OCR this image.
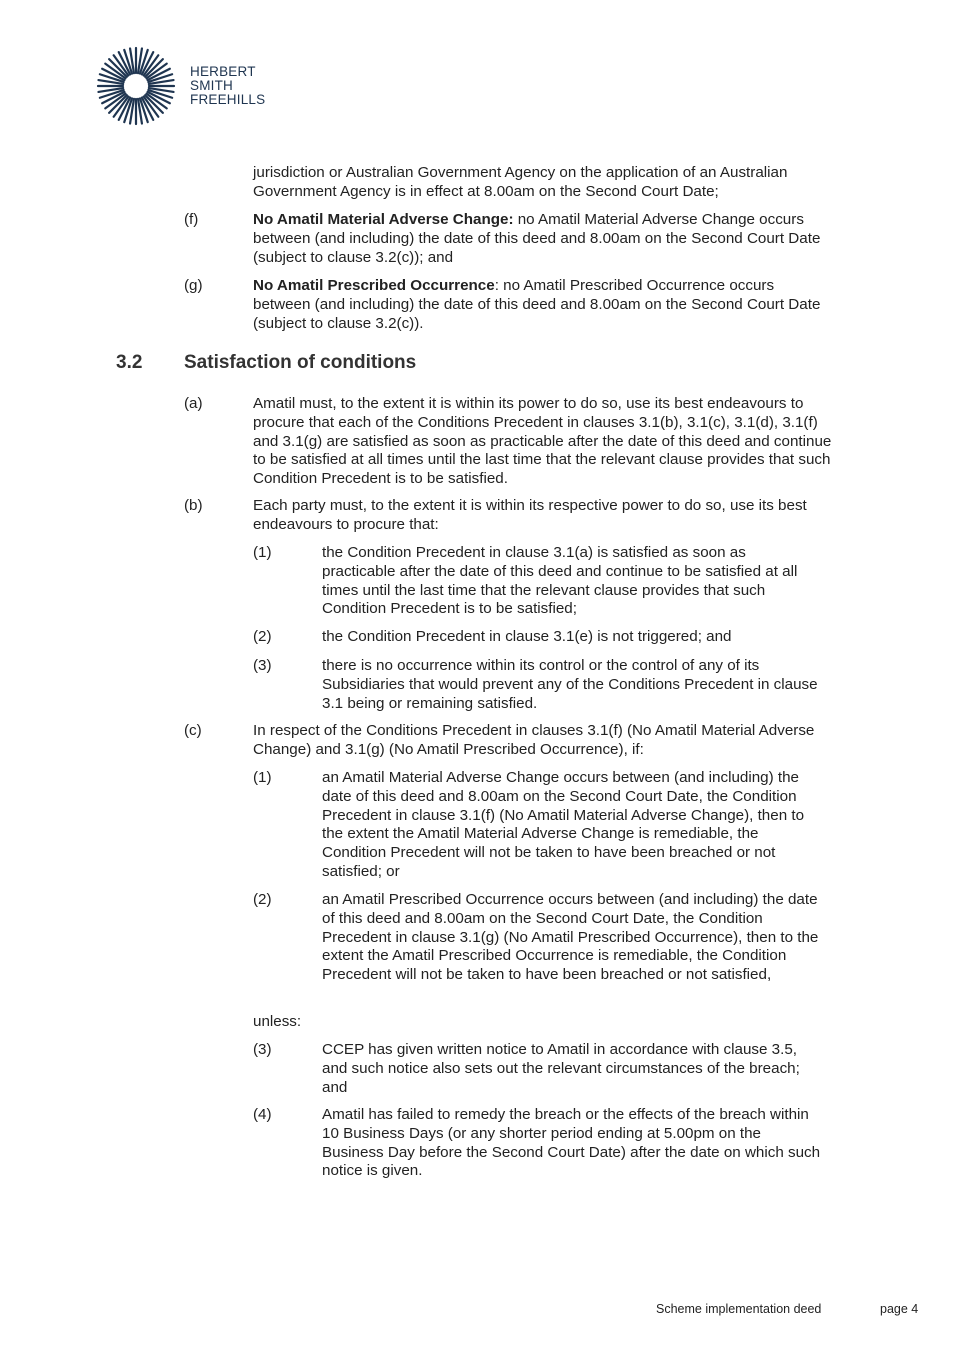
HERBERT
SMITH
FREEHILLS
jurisdiction or Australian Government Agency on the application of an Australian Government Agency is in effect at 8.00am on the Second Court Date;
(f)	No Amatil Material Adverse Change: no Amatil Material Adverse Change occurs between (and including) the date of this deed and 8.00am on the Second Court Date (subject to clause 3.2(c)); and
(g)	No Amatil Prescribed Occurrence: no Amatil Prescribed Occurrence occurs between (and including) the date of this deed and 8.00am on the Second Court Date (subject to clause 3.2(c)).
3.2 Satisfaction of conditions
(a)	Amatil must, to the extent it is within its power to do so, use its best endeavours to procure that each of the Conditions Precedent in clauses 3.1(b), 3.1(c), 3.1(d), 3.1(f) and 3.1(g) are satisfied as soon as practicable after the date of this deed and continue to be satisfied at all times until the last time that the relevant clause provides that such Condition Precedent is to be satisfied.
(b)	Each party must, to the extent it is within its respective power to do so, use its best endeavours to procure that:
(1)	the Condition Precedent in clause 3.1(a) is satisfied as soon as practicable after the date of this deed and continue to be satisfied at all times until the last time that the relevant clause provides that such Condition Precedent is to be satisfied;
(2)	the Condition Precedent in clause 3.1(e) is not triggered; and
(3)	there is no occurrence within its control or the control of any of its Subsidiaries that would prevent any of the Conditions Precedent in clause 3.1 being or remaining satisfied.
(c)	In respect of the Conditions Precedent in clauses 3.1(f) (No Amatil Material Adverse Change) and 3.1(g) (No Amatil Prescribed Occurrence), if:
(1)	an Amatil Material Adverse Change occurs between (and including) the date of this deed and 8.00am on the Second Court Date, the Condition Precedent in clause 3.1(f) (No Amatil Material Adverse Change), then to the extent the Amatil Material Adverse Change is remediable, the Condition Precedent will not be taken to have been breached or not satisfied; or
(2)	an Amatil Prescribed Occurrence occurs between (and including) the date of this deed and 8.00am on the Second Court Date, the Condition Precedent in clause 3.1(g) (No Amatil Prescribed Occurrence), then to the extent the Amatil Prescribed Occurrence is remediable, the Condition Precedent will not be taken to have been breached or not satisfied,
unless:
(3)	CCEP has given written notice to Amatil in accordance with clause 3.5, and such notice also sets out the relevant circumstances of the breach; and
(4)	Amatil has failed to remedy the breach or the effects of the breach within 10 Business Days (or any shorter period ending at 5.00pm on the Business Day before the Second Court Date) after the date on which such notice is given.
Scheme implementation deed	page 4
